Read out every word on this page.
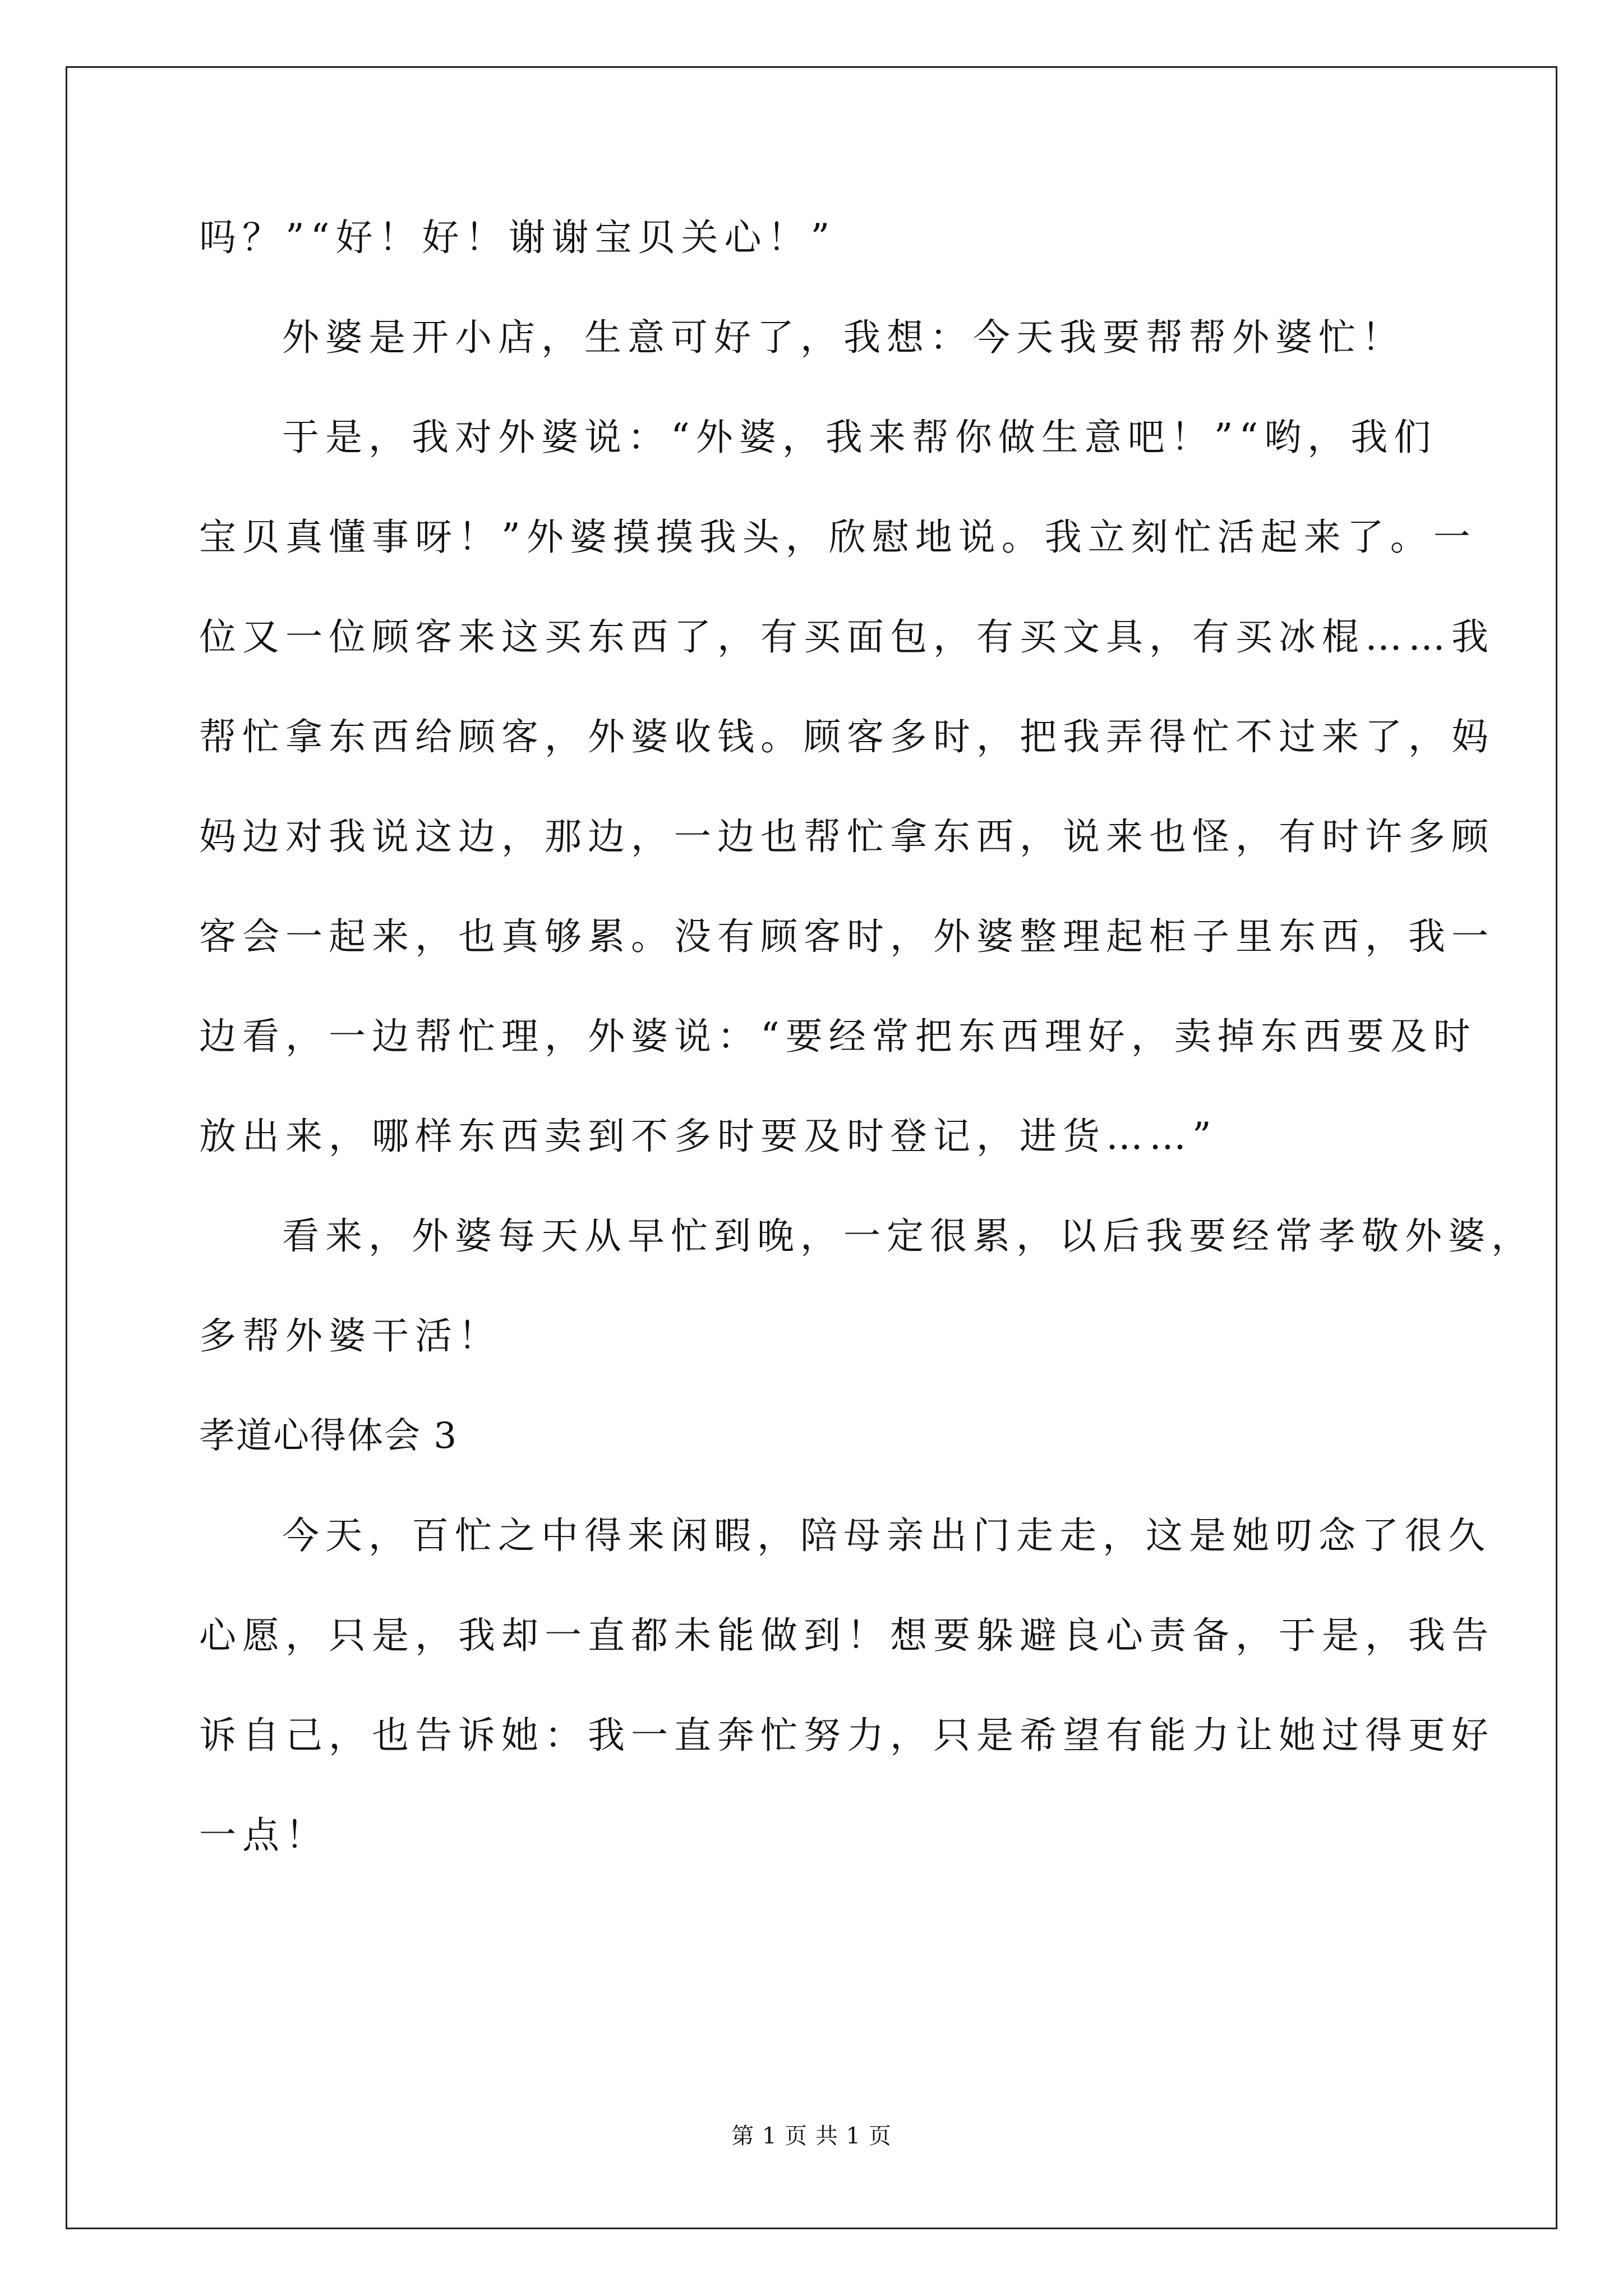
吗？”“好！好！谢谢宝贝关心！”
外婆是开小店，生意可好了，我想：今天我要帮帮外婆忙！
于是，我对外婆说：“外婆，我来帮你做生意吧！”“哟，我们
宝贝真懂事呀！”外婆摸摸我头，欣慰地说。我立刻忙活起来了。一
位又一位顾客来这买东西了，有买面包，有买文具，有买冰棍……我
帮忙拿东西给顾客，外婆收钱。顾客多时，把我弄得忙不过来了，妈
妈边对我说这边，那边，一边也帮忙拿东西，说来也怪，有时许多顾
客会一起来，也真够累。没有顾客时，外婆整理起柜子里东西，我一
边看，一边帮忙理，外婆说：“要经常把东西理好，卖掉东西要及时
放出来，哪样东西卖到不多时要及时登记，进货……”
看来，外婆每天从早忙到晚，一定很累，以后我要经常孝敬外婆，
多帮外婆干活！
孝道心得体会 3
今天，百忙之中得来闲暇，陪母亲出门走走，这是她叨念了很久
心愿，只是，我却一直都未能做到！想要躲避良心责备，于是，我告
诉自己，也告诉她：我一直奔忙努力，只是希望有能力让她过得更好
一点！
第 1 页 共 1 页
